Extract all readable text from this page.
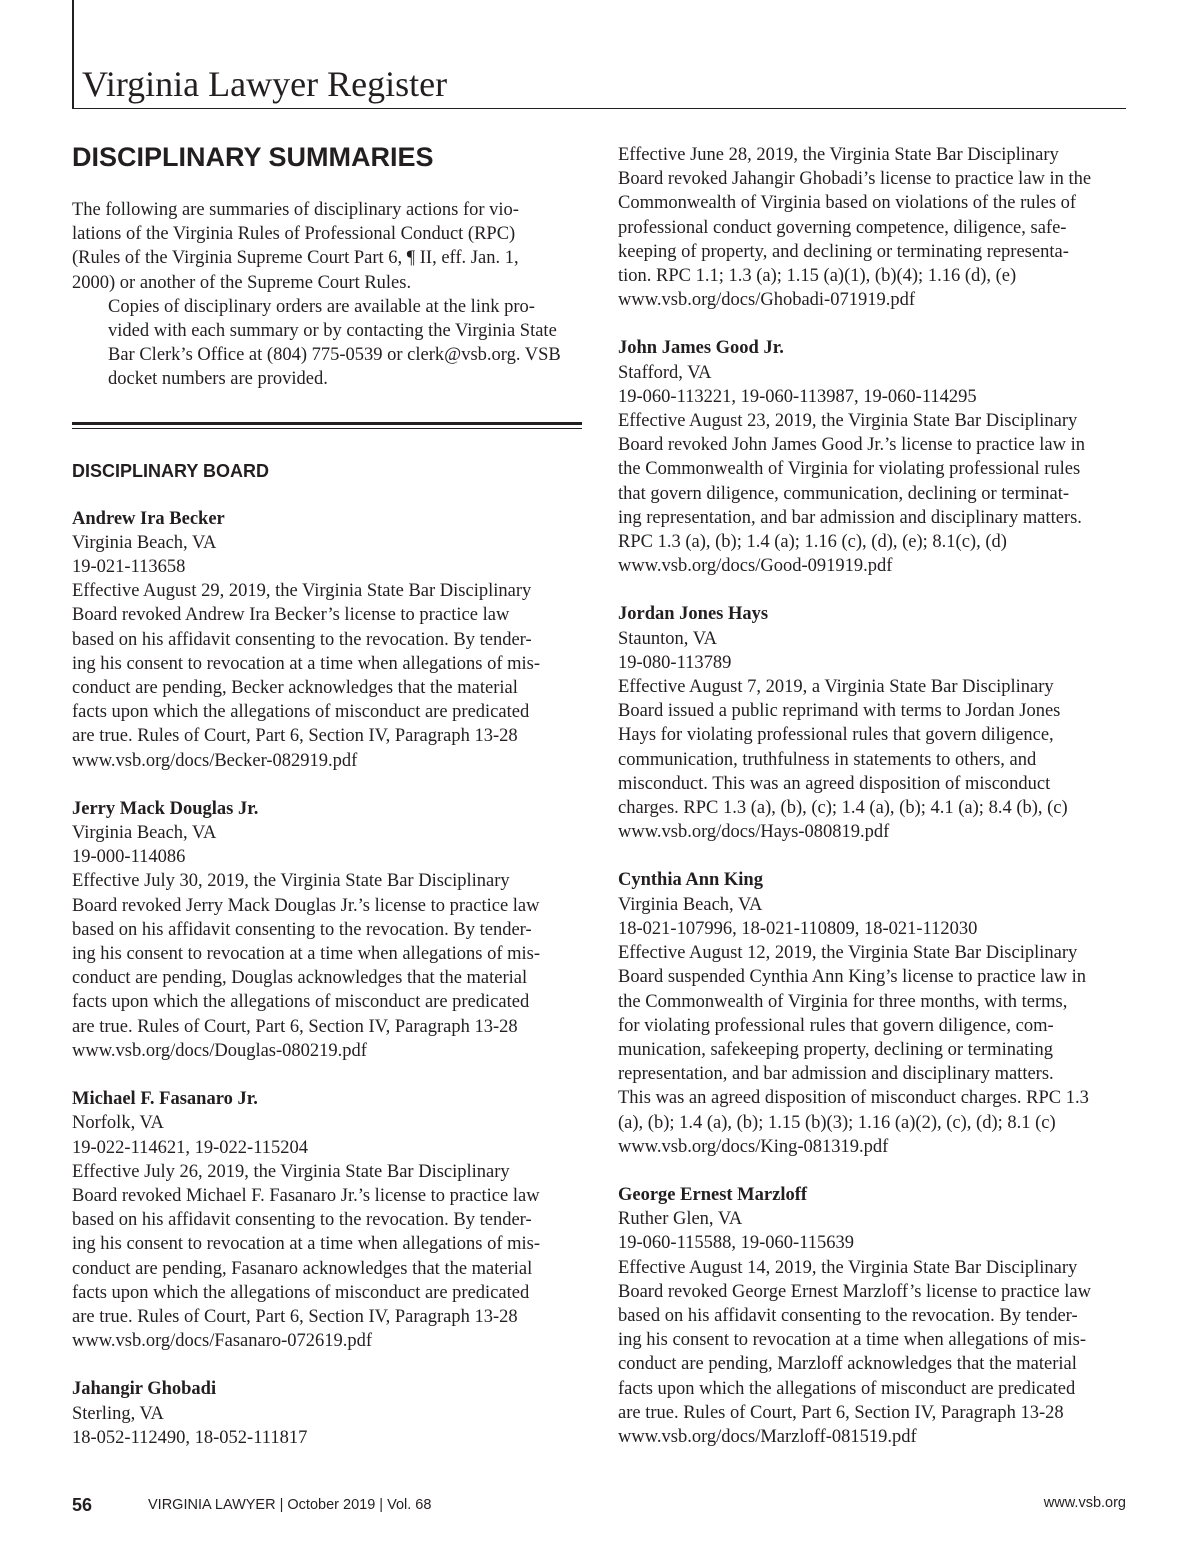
Virginia Lawyer Register
DISCIPLINARY SUMMARIES

The following are summaries of disciplinary actions for vio-
lations of the Virginia Rules of Professional Conduct (RPC)
(Rules of the Virginia Supreme Court Part 6, ¶ II, eff. Jan. 1,
2000) or another of the Supreme Court Rules.

Copies of disciplinary orders are available at the link pro-
vided with each summary or by contacting the Virginia State
Bar Clerk’s Office at (804) 775-0539 or clerk@vsb.org. VSB
docket numbers are provided.

DISCIPLINARY BOARD
Andrew Ira Becker
Virginia Beach, VA
19-021-113658
Effective August 29, 2019, the Virginia State Bar Disciplinary
Board revoked Andrew Ira Becker’s license to practice law
based on his affidavit consenting to the revocation. By tender-
ing his consent to revocation at a time when allegations of mis-
conduct are pending, Becker acknowledges that the material
facts upon which the allegations of misconduct are predicated
are true. Rules of Court, Part 6, Section IV, Paragraph 13-28
www.vsb.org/docs/Becker-082919.pdf
Jerry Mack Douglas Jr.
Virginia Beach, VA
19-000-114086
Effective July 30, 2019, the Virginia State Bar Disciplinary
Board revoked Jerry Mack Douglas Jr.’s license to practice law
based on his affidavit consenting to the revocation. By tender-
ing his consent to revocation at a time when allegations of mis-
conduct are pending, Douglas acknowledges that the material
facts upon which the allegations of misconduct are predicated
are true. Rules of Court, Part 6, Section IV, Paragraph 13-28
www.vsb.org/docs/Douglas-080219.pdf
Michael F. Fasanaro Jr.
Norfolk, VA
19-022-114621, 19-022-115204
Effective July 26, 2019, the Virginia State Bar Disciplinary
Board revoked Michael F. Fasanaro Jr.’s license to practice law
based on his affidavit consenting to the revocation. By tender-
ing his consent to revocation at a time when allegations of mis-
conduct are pending, Fasanaro acknowledges that the material
facts upon which the allegations of misconduct are predicated
are true. Rules of Court, Part 6, Section IV, Paragraph 13-28
www.vsb.org/docs/Fasanaro-072619.pdf
Jahangir Ghobadi
Sterling, VA
18-052-112490, 18-052-111817
Effective June 28, 2019, the Virginia State Bar Disciplinary
Board revoked Jahangir Ghobadi’s license to practice law in the
Commonwealth of Virginia based on violations of the rules of
professional conduct governing competence, diligence, safe-
keeping of property, and declining or terminating representa-
tion. RPC 1.1; 1.3 (a); 1.15 (a)(1), (b)(4); 1.16 (d), (e)
www.vsb.org/docs/Ghobadi-071919.pdf
John James Good Jr.
Stafford, VA
19-060-113221, 19-060-113987, 19-060-114295
Effective August 23, 2019, the Virginia State Bar Disciplinary
Board revoked John James Good Jr.’s license to practice law in
the Commonwealth of Virginia for violating professional rules
that govern diligence, communication, declining or terminat-
ing representation, and bar admission and disciplinary matters.
RPC 1.3 (a), (b); 1.4 (a); 1.16 (c), (d), (e); 8.1(c), (d)
www.vsb.org/docs/Good-091919.pdf
Jordan Jones Hays
Staunton, VA
19-080-113789
Effective August 7, 2019, a Virginia State Bar Disciplinary
Board issued a public reprimand with terms to Jordan Jones
Hays for violating professional rules that govern diligence,
communication, truthfulness in statements to others, and
misconduct. This was an agreed disposition of misconduct
charges. RPC 1.3 (a), (b), (c); 1.4 (a), (b); 4.1 (a); 8.4 (b), (c)
www.vsb.org/docs/Hays-080819.pdf
Cynthia Ann King
Virginia Beach, VA
18-021-107996, 18-021-110809, 18-021-112030
Effective August 12, 2019, the Virginia State Bar Disciplinary
Board suspended Cynthia Ann King’s license to practice law in
the Commonwealth of Virginia for three months, with terms,
for violating professional rules that govern diligence, com-
munication, safekeeping property, declining or terminating
representation, and bar admission and disciplinary matters.
This was an agreed disposition of misconduct charges. RPC 1.3
(a), (b); 1.4 (a), (b); 1.15 (b)(3); 1.16 (a)(2), (c), (d); 8.1 (c)
www.vsb.org/docs/King-081319.pdf
George Ernest Marzloff
Ruther Glen, VA
19-060-115588, 19-060-115639
Effective August 14, 2019, the Virginia State Bar Disciplinary
Board revoked George Ernest Marzloff’s license to practice law
based on his affidavit consenting to the revocation. By tender-
ing his consent to revocation at a time when allegations of mis-
conduct are pending, Marzloff acknowledges that the material
facts upon which the allegations of misconduct are predicated
are true. Rules of Court, Part 6, Section IV, Paragraph 13-28
www.vsb.org/docs/Marzloff-081519.pdf
56	VIRGINIA LAWYER | October 2019 | Vol. 68	www.vsb.org
